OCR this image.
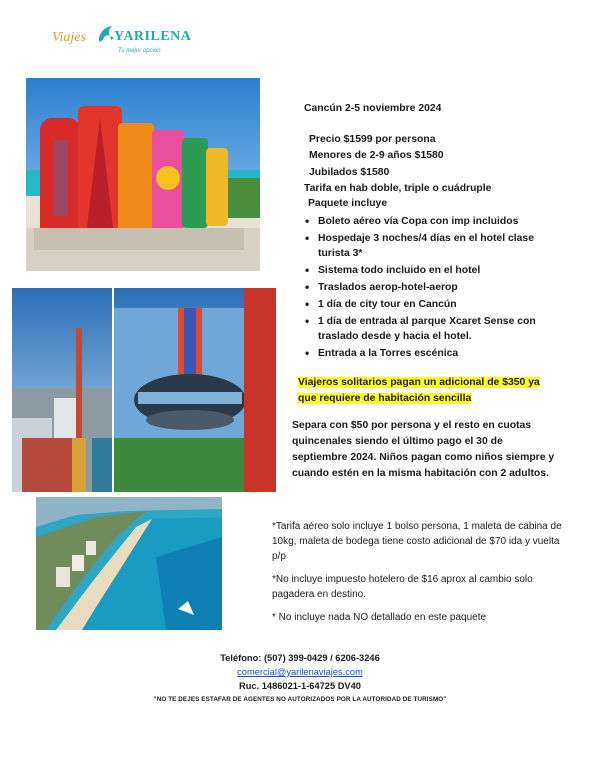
Viajes YARILENA
Tu mejor opción
Cancún 2-5 noviembre 2024
Precio $1599 por persona
Menores de 2-9 años $1580
Jubilados $1580
Tarifa en hab doble, triple o cuádruple
Paquete incluye
• Boleto aéreo vía Copa con imp incluidos
• Hospedaje 3 noches/4 días en el hotel clase turista 3*
• Sistema todo incluido en el hotel
• Traslados aerop-hotel-aerop
• 1 día de city tour en Cancún
• 1 día de entrada al parque Xcaret Sense con traslado desde y hacia el hotel.
• Entrada a la Torres escénica
Viajeros solitarios pagan un adicional de $350 ya que requiere de habitación sencilla
Separa con $50 por persona y el resto en cuotas quincenales siendo el último pago el 30 de septiembre 2024. Niños pagan como niños siempre y cuando estén en la misma habitación con 2 adultos.

*Tarifa aéreo solo incluye 1 bolso persona, 1 maleta de cabina de 10kg, maleta de bodega tiene costo adicional de $70 ida y vuelta p/p

*No incluye impuesto hotelero de $16 aprox al cambio solo pagadera en destino.

* No incluye nada NO detallado en este paquete

Teléfono: (507) 399-0429 / 6206-3246
comercial@yarilenaviajes.com
Ruc. 1486021-1-64725 DV40
"NO TE DEJES ESTAFAR DE AGENTES NO AUTORIZADOS POR LA AUTORIDAD DE TURISMO"
